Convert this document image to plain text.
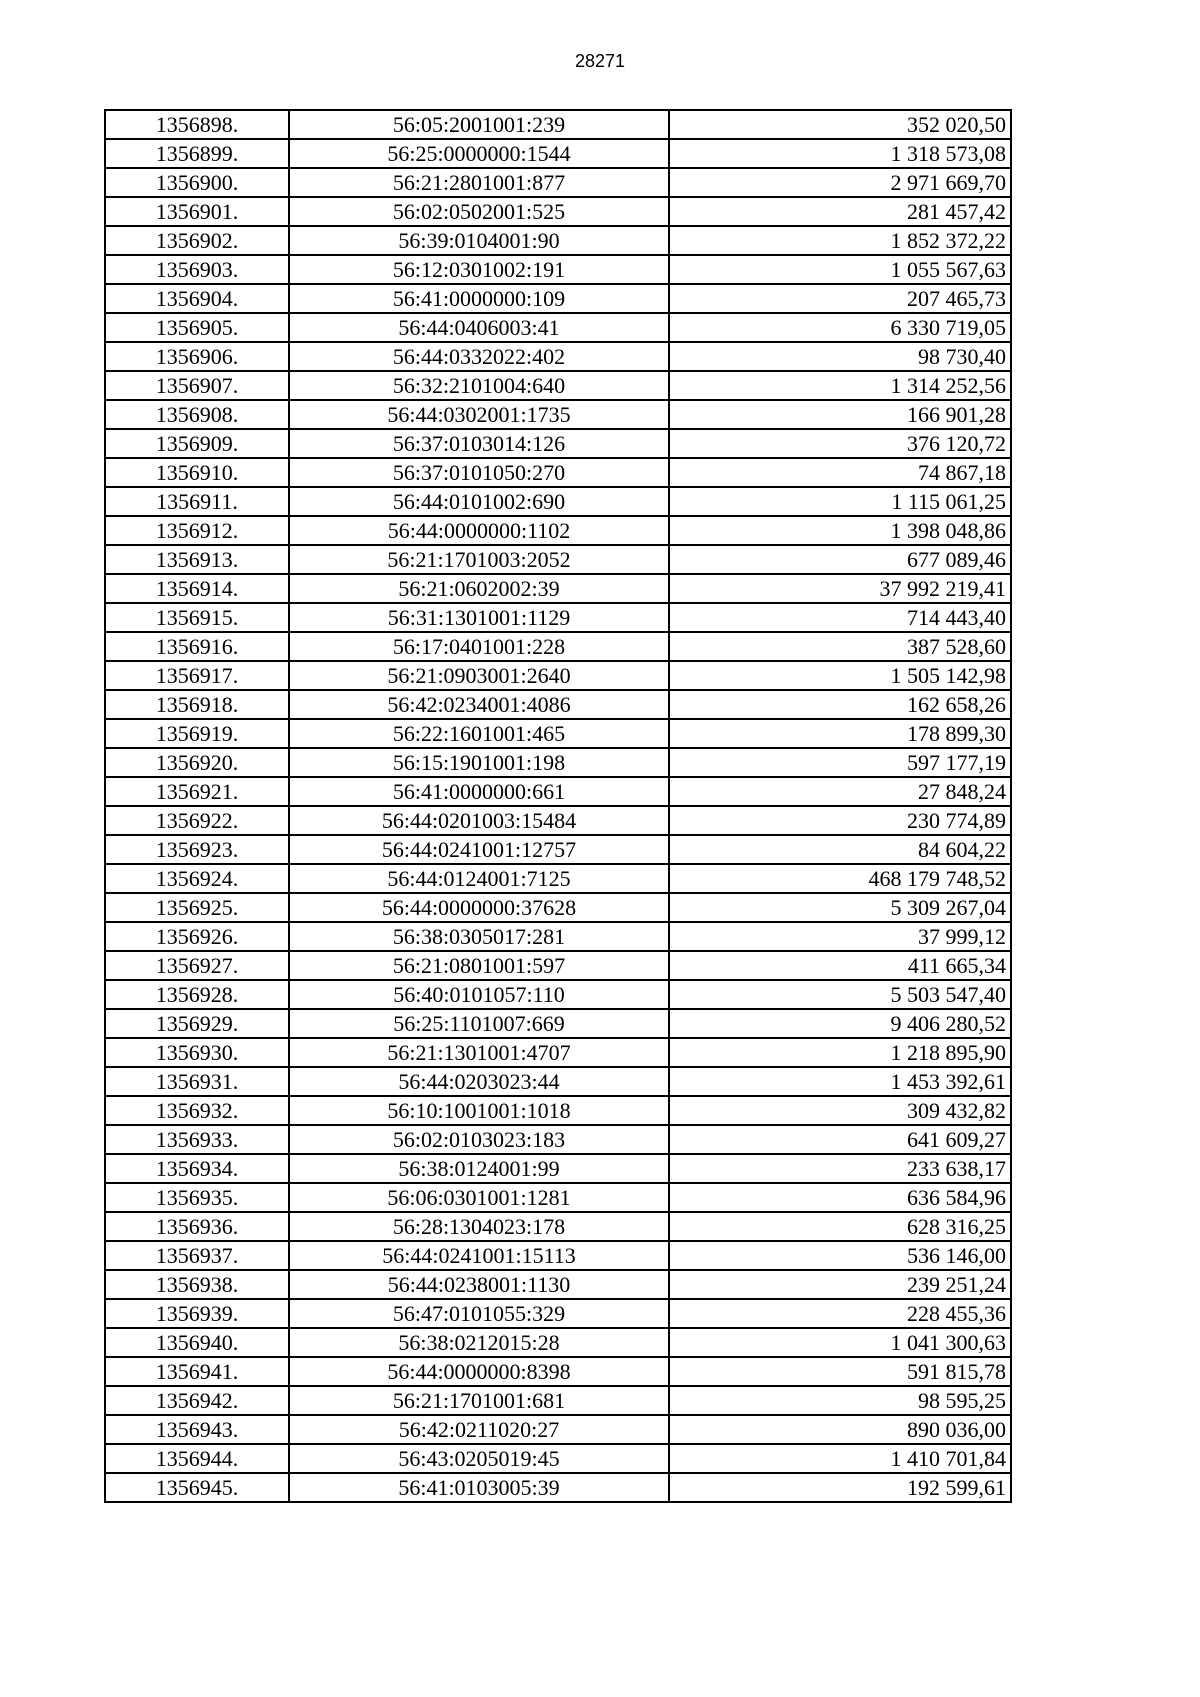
28271
1356898.	56:05:2001001:239	352 020,50
1356899.	56:25:0000000:1544	1 318 573,08
1356900.	56:21:2801001:877	2 971 669,70
1356901.	56:02:0502001:525	281 457,42
1356902.	56:39:0104001:90	1 852 372,22
1356903.	56:12:0301002:191	1 055 567,63
1356904.	56:41:0000000:109	207 465,73
1356905.	56:44:0406003:41	6 330 719,05
1356906.	56:44:0332022:402	98 730,40
1356907.	56:32:2101004:640	1 314 252,56
1356908.	56:44:0302001:1735	166 901,28
1356909.	56:37:0103014:126	376 120,72
1356910.	56:37:0101050:270	74 867,18
1356911.	56:44:0101002:690	1 115 061,25
1356912.	56:44:0000000:1102	1 398 048,86
1356913.	56:21:1701003:2052	677 089,46
1356914.	56:21:0602002:39	37 992 219,41
1356915.	56:31:1301001:1129	714 443,40
1356916.	56:17:0401001:228	387 528,60
1356917.	56:21:0903001:2640	1 505 142,98
1356918.	56:42:0234001:4086	162 658,26
1356919.	56:22:1601001:465	178 899,30
1356920.	56:15:1901001:198	597 177,19
1356921.	56:41:0000000:661	27 848,24
1356922.	56:44:0201003:15484	230 774,89
1356923.	56:44:0241001:12757	84 604,22
1356924.	56:44:0124001:7125	468 179 748,52
1356925.	56:44:0000000:37628	5 309 267,04
1356926.	56:38:0305017:281	37 999,12
1356927.	56:21:0801001:597	411 665,34
1356928.	56:40:0101057:110	5 503 547,40
1356929.	56:25:1101007:669	9 406 280,52
1356930.	56:21:1301001:4707	1 218 895,90
1356931.	56:44:0203023:44	1 453 392,61
1356932.	56:10:1001001:1018	309 432,82
1356933.	56:02:0103023:183	641 609,27
1356934.	56:38:0124001:99	233 638,17
1356935.	56:06:0301001:1281	636 584,96
1356936.	56:28:1304023:178	628 316,25
1356937.	56:44:0241001:15113	536 146,00
1356938.	56:44:0238001:1130	239 251,24
1356939.	56:47:0101055:329	228 455,36
1356940.	56:38:0212015:28	1 041 300,63
1356941.	56:44:0000000:8398	591 815,78
1356942.	56:21:1701001:681	98 595,25
1356943.	56:42:0211020:27	890 036,00
1356944.	56:43:0205019:45	1 410 701,84
1356945.	56:41:0103005:39	192 599,61
